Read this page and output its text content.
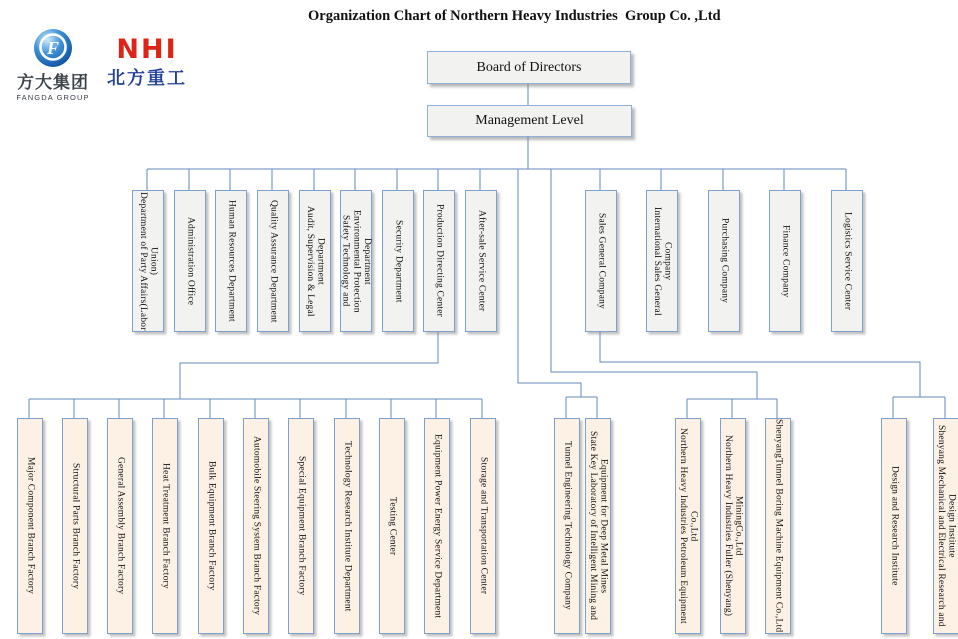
F
方大集团
FANGDA GROUP
NHI
北方重工
Organization Chart of Northern Heavy Industries  Group Co. ,Ltd
Board of Directors
Management Level
Department of Party Affairs(Labor Union)	Administration Office	Human Resources Department	Quality Assurance Department	Audit, Supervision & Legal Department Safety Technology and Environmental Protection Department Security Department	Production Directing Center	After-sale Service Center	Sales General Company	International Sales General Company	Purchasing Company	Finance Company	Logistics Service Center
Major Component Branch Factory	Structural Parts Branch Factory	General Assembly Branch Factory	Heat Treatment Branch Factory	Bulk Equipment Branch Factory	Automobile Steering System Branch Factory	Special Equipment Branch Factory	Technology Research Institute Department	Testing Center	Equipment Power Energy Service Department	Storage and Transportation Center	Tunnel Engineering Technology Company State Key Laboratory of Intelligent Mining and Equipment for Deep Metal Mines	Northern Heavy Industries Petroleum Equipment Co.,Ltd	Northern Heavy Industries Fuller (Shenyang) MiningCo.,Ltd	ShenyangTunnel Boring Machine Equipment Co.,Ltd	Design and Research Institute	Shenyang Mechanical and Electrical Research and Design Institute
